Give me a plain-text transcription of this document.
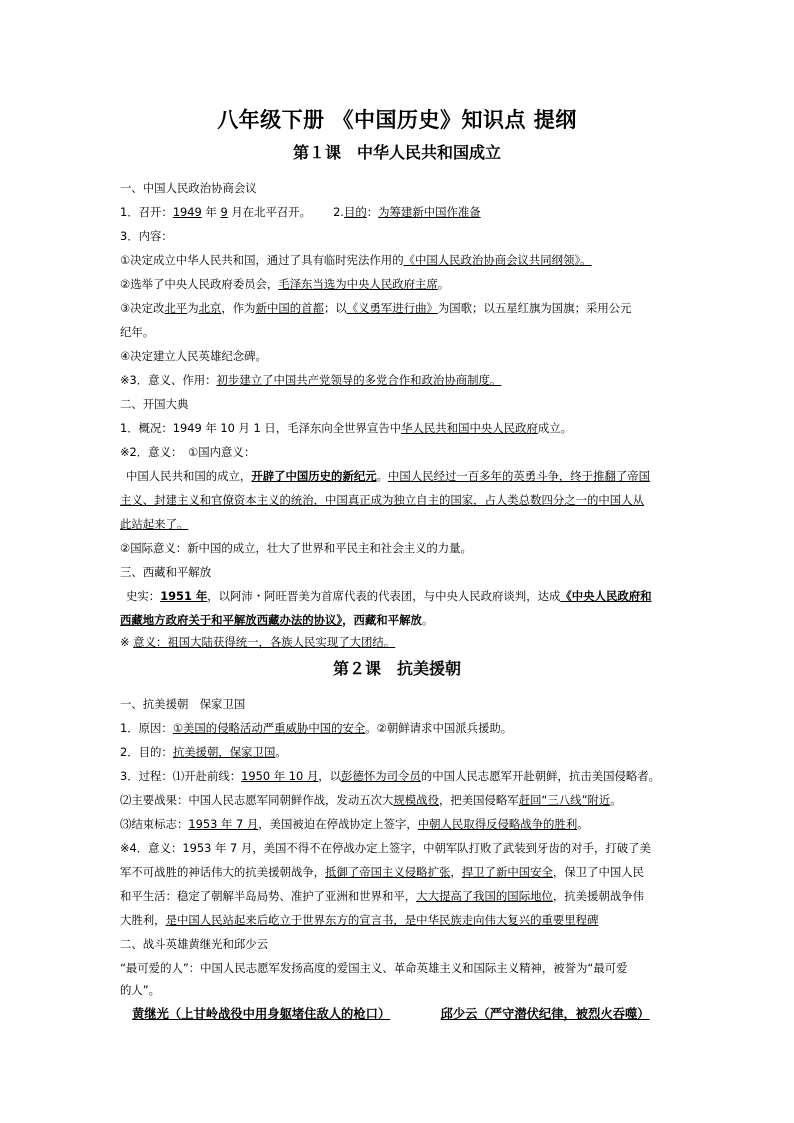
八年级下册 《中国历史》知识点 提纲
第１课　中华人民共和国成立
一、中国人民政治协商会议
1．召开：1949 年 9 月在北平召开。 2.目的：为筹建新中国作准备
3．内容：
①决定成立中华人民共和国，通过了具有临时宪法作用的《中国人民政治协商会议共同纲领》。
②选举了中央人民政府委员会，毛泽东当选为中央人民政府主席。
③决定改北平为北京，作为新中国的首都；以《义勇军进行曲》为国歌；以五星红旗为国旗；采用公元
纪年。
④决定建立人民英雄纪念碑。
※3．意义、作用：初步建立了中国共产党领导的多党合作和政治协商制度。
二、开国大典
1．概况：1949 年 10 月 1 日，毛泽东向全世界宣告中华人民共和国中央人民政府成立。
※2．意义：　①国内意义：
中国人民共和国的成立，开辟了中国历史的新纪元。中国人民经过一百多年的英勇斗争，终于推翻了帝国
主义、封建主义和官僚资本主义的统治，中国真正成为独立自主的国家，占人类总数四分之一的中国人从
此站起来了。
②国际意义：新中国的成立，壮大了世界和平民主和社会主义的力量。
三、西藏和平解放
史实：1951 年，以阿沛・阿旺晋美为首席代表的代表团，与中央人民政府谈判，达成《中央人民政府和
西藏地方政府关于和平解放西藏办法的协议》，西藏和平解放。
※ 意义：祖国大陆获得统一，各族人民实现了大团结。
第２课　抗美援朝
一、抗美援朝　保家卫国
1．原因：①美国的侵略活动严重威胁中国的安全。②朝鲜请求中国派兵援助。
2．目的：抗美援朝，保家卫国。
3．过程：⑴开赴前线：1950 年 10 月，以彭德怀为司令员的中国人民志愿军开赴朝鲜，抗击美国侵略者。
⑵主要战果：中国人民志愿军同朝鲜作战，发动五次大规模战役，把美国侵略军赶回“三八线”附近。
⑶结束标志：1953 年 7 月，美国被迫在停战协定上签字，中朝人民取得反侵略战争的胜利。
※4．意义：1953 年 7 月，美国不得不在停战办定上签字，中朝军队打败了武装到牙齿的对手，打破了美
军不可战胜的神话伟大的抗美援朝战争，抵御了帝国主义侵略扩张，捍卫了新中国安全，保卫了中国人民
和平生活：稳定了朝解半岛局势、准护了亚洲和世界和平，大大提高了我国的国际地位，抗美援朝战争伟
大胜利，是中国人民站起来后屹立于世界东方的宣言书，是中华民族走向伟大复兴的重要里程碑
二、战斗英雄黄继光和邱少云
“最可爱的人”：中国人民志愿军发扬高度的爱国主义、革命英雄主义和国际主义精神，被誉为“最可爱
的人”。
黄继光（上甘岭战役中用身躯堵住敌人的枪口）	邱少云（严守潜伏纪律，被烈火吞噬）
